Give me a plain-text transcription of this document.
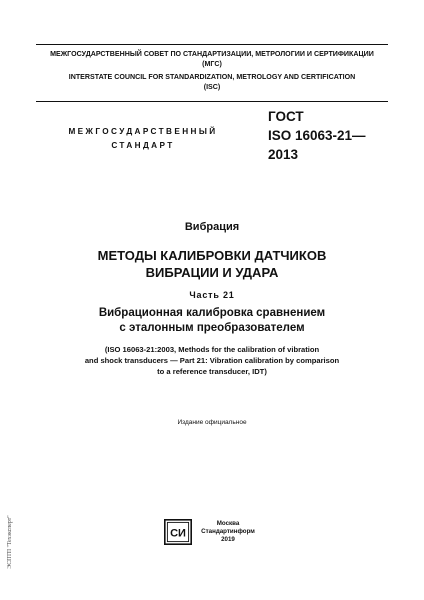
МЕЖГОСУДАРСТВЕННЫЙ СОВЕТ ПО СТАНДАРТИЗАЦИИ, МЕТРОЛОГИИ И СЕРТИФИКАЦИИ
(МГС)
INTERSTATE COUNCIL FOR STANDARDIZATION, METROLOGY AND CERTIFICATION
(ISC)
МЕЖГОСУДАРСТВЕННЫЙ
СТАНДАРТ
ГОСТ
ISO 16063-21—
2013
Вибрация
МЕТОДЫ КАЛИБРОВКИ ДАТЧИКОВ
ВИБРАЦИИ И УДАРА
Часть 21
Вибрационная калибровка сравнением
с эталонным преобразователем
(ISO 16063-21:2003, Methods for the calibration of vibration
and shock transducers — Part 21: Vibration calibration by comparison
to a reference transducer, IDT)
Издание официальное
СИ
Москва
Стандартинформ
2019
ЭСПТП "Техэксперт"
